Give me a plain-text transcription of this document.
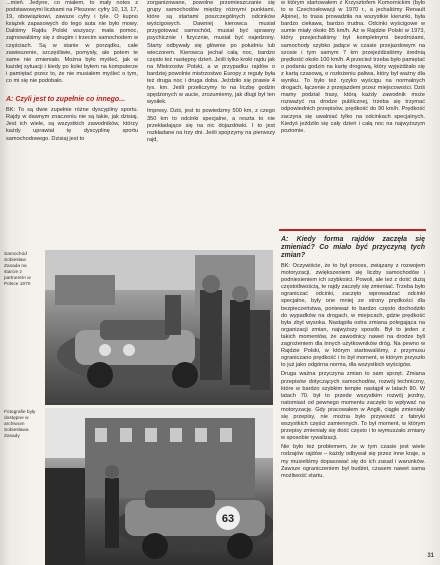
...mień. Jedyne, co miałem, to mały notes z podstawowymi liczbami na Pleszew: cyfry 10, 13, 17, 19, obowiązkowi, zawsze cyfry i tyle. O kupno książek zapasowych do tego auta nie było mowy. Daliśmy Rajdu Polski wszyscy: mała pomoc, zajmowaliśmy się z drugim i trzecim samochodem w częściach. Są w stanie w porządku, całe zawieszenie, szczęśliwie, pomysły, ale potem te same nie zmieniało. Można było myśleć, jak w każdej sytuacji i kiedy po kolei byłem na komputerze i pamiętać przez to, że nie musiałem myśleć o tym, co mi się nie podobało.

A: Czyli jest to zupełnie co innego...

BK: To są dwie zupełnie różne dyscypliny sportu. Rajdy w dawnym znaczeniu nie są takie, jak dzisiaj. Jest ich wiele, są wszystkich zawodników, którzy każdy uprawiał tę dyscyplinę sportu samochodowego. Dzisiaj jest to

zorganizowane, powolne przemieszczanie się grupy samochodów między różnymi punktami, które są startami poszczególnych odcinków wyścigowych. Dawniej kierowca musiał przygotować samochód, musiał być sprawny psychicznie i fizycznie, musiał być najedzony. Starty odbywały się głównie po południu lub wieczorem. Kierowca jechał całą noc, bardzo często też następny dzień. Jeśli tylko kroki rajdu jak na Mistrzostw Polski, a w przypadku rajdów o bardziej powolnie mistrzostwo Europy z reguły była też druga noc i druga doba. Jeździło się prawie 4 tys. km. Jeśli przeliczymy to na liczbę godzin spędzonych w aucie, zrozumiemy, jak długi był ten wysiłek.

Impresy. Dziś, jest to powiedzmy 500 km, z czego 350 km to odcinki specjalne, a reszta to nie przekładające się na nic dojazdówki. I to jest rozkładane na trzy dni. Jeśli spojrzymy na pierwszy rajd,

w którym startowałem z Krzysztofem Komornickim (było to w Czechosłowacji w 1970 r., a jechaliśmy Renault Alpine), to trasa prowadziła na wszystkie kierunki, była bardzo ciekawa, bardzo trudna. Odcinki wyścigowe w sumie miały około 85 km/h. Aż w Rajdzie Polski w 1973, który przejechaliśmy był kompletnymi bezdrożami, samochody szybko jadące w czasie przejazdowym na szosie i tym samym 7 km przejeżdżaliśmy średnią prędkość około 100 km/h. A przecież trzeba było pamiętać o podaniu godzin na kartę drogową, który wyjeżdżało się z kartą czasową, o rozłożeniu paliwa, który był ważny dla wyniku. To było też ryzyko wyścigu na normalnych drogach, łączenie z przejazdem przez miejscowości. Dziś mamy podział trasy, którą każdy zawodnik może rozważyć na drodze publicznej, trzeba się trzymać odpowiednich przepisów, prędkość do 90 km/h. Prędkość zaczyna się uwalniać tylko na odcinkach specjalnych. Kiedyś jeździło się cały dzień i całą noc na najwyższym poziomie.

A: Kiedy forma rajdów zaczęła się zmieniać? Co miało być przyczyną tych zmian?

BK: Oczywiście, że to był proces, związany z rozwojem motoryzacji, zwiększeniem się liczby samochodów i podniesieniem ich szybkości. Powoli, ale też z dość dużą częstotliwością, te rajdy zaczęły się zmieniać. Trzeba było ograniczać odcinki, zaczęto wprowadzać odcinki specjalne, były one mniej ze strony prędkości dla bezpieczeństwa, ponieważ to bardzo często dochodziło do wypadków na drogach, w miejscach, gdzie prędkość była zbyt wysoka. Nastąpiła ostra zmiana polegająca na organizacji zmian, najwyższy sposób. Był to jeden z takich momentów, że zawodnicy nawet na drodze byli zagrożeniem dla innych użytkowników dróg. Na pewno w Rajdzie Polski, w którym startowaliśmy, z przymusu ograniczano prędkość i to był moment, w którym przyszło to już jako odgórna norma, dla wszystkich wyścigów.

Druga ważna przyczyna zmian to sam sprzęt. Zmiana przepisów dotyczących samochodów, rozwój techniczny, które w bardzo szybkim tempie nastąpił w latach 80. W latach 70. był to przede wszystkim rozwój jezdny, natomiast od pewnego momentu zaczęło to wpływać na motoryzację. Gdy pracowałem w Anglii, ciągle zmieniały się przepisy, nie można było przywieźć z fabryki wszystkich części zamiennych. To był moment, w którym przepisy zmieniały się dość często i to wymuszało zmiany w sposobie rywalizacji.

Nie było też problemem, że w tym czasie jest wiele rodzajów rajdów – każdy odbywał się przez inne kraje, a my musieliśmy dopasować się do ich zasad i warunków. Zawsze ograniczeniem był budżet, czasem nawet sama możliwość startu.

Samochód Sobiesław Zasada na starcie z partnerem w Polsce 1970
Fotografie były dostępne w archiwum Sobiesława Zasady
63
31
